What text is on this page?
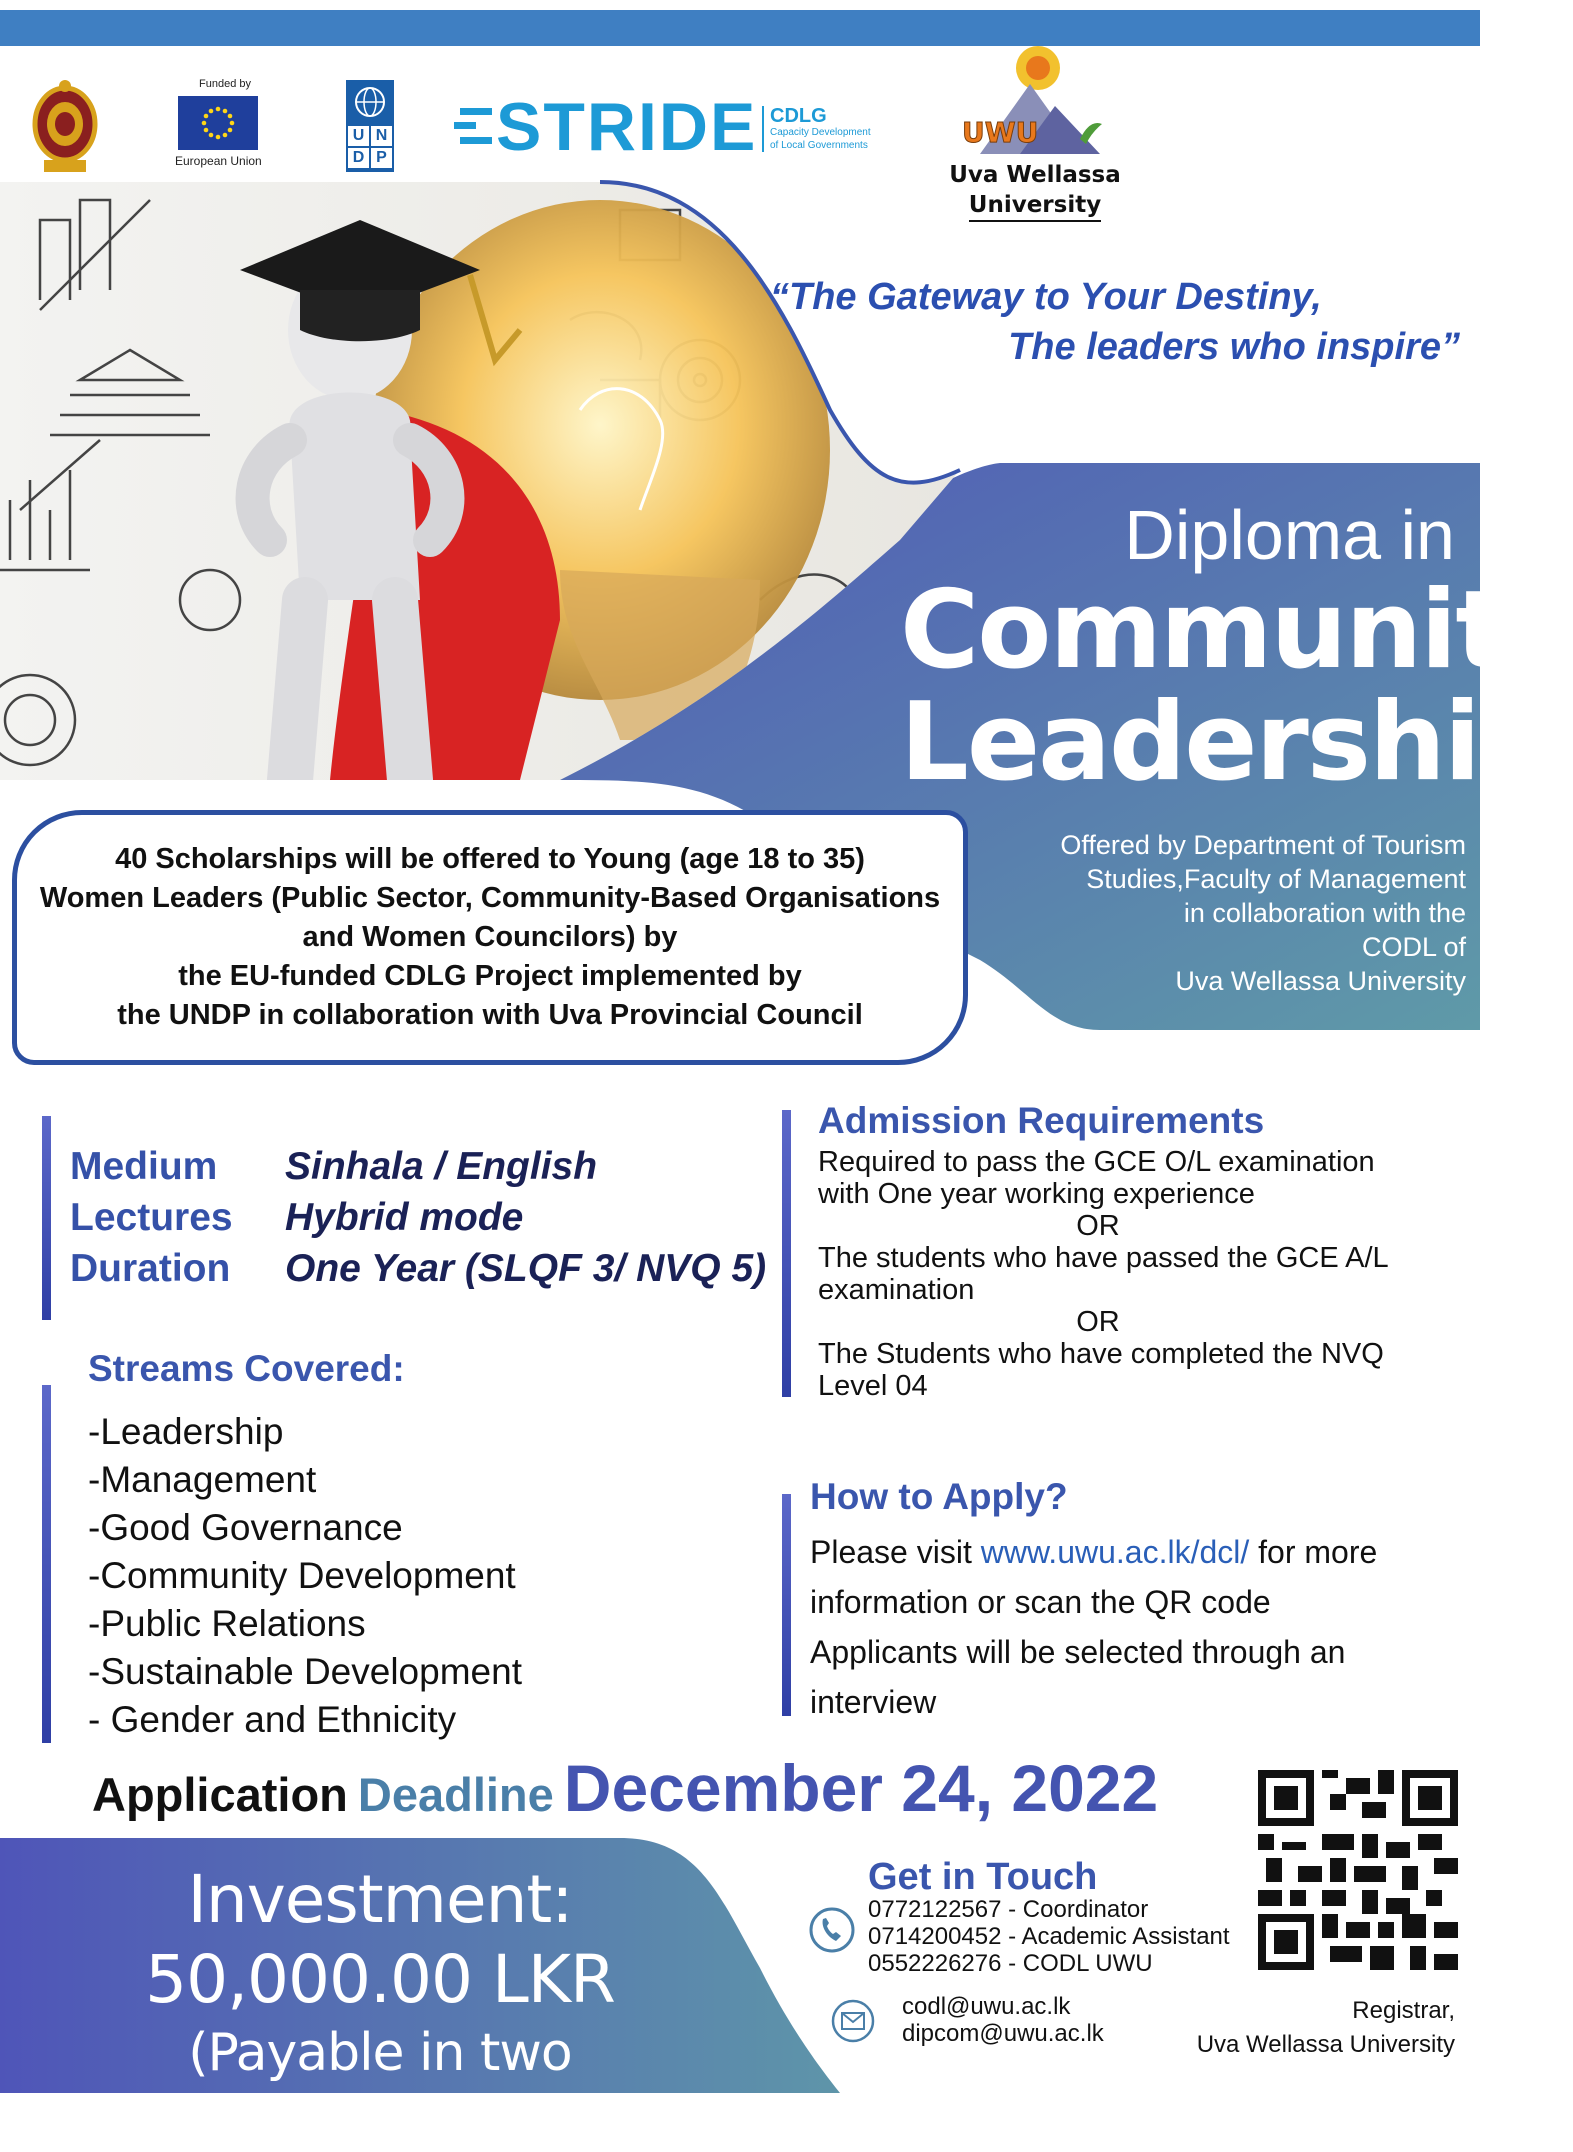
Funded by
European Union
U N
D P STRIDE CDLG
Capacity Development
of Local Governments	UWU
Uva Wellassa
University
“The Gateway to Your Destiny,
The leaders who inspire”
Diploma in
Community
Leadership
Offered by Department of Tourism
Studies,Faculty of Management
in collaboration with the
CODL of
Uva Wellassa University

40 Scholarships will be offered to Young (age 18 to 35)
Women Leaders (Public Sector, Community-Based Organisations
and Women Councilors) by
the EU-funded CDLG Project implemented by
the UNDP in collaboration with Uva Provincial Council

Medium	Sinhala / English
Lectures	Hybrid mode
Duration	One Year (SLQF 3/ NVQ 5)
Streams Covered:
-Leadership
-Management
-Good Governance
-Community Development
-Public Relations
-Sustainable Development
- Gender and Ethnicity
Admission Requirements
Required to pass the GCE O/L examination
with One year working experience
OR
The students who have passed the GCE A/L
examination
OR
The Students who have completed the NVQ
Level 04
How to Apply?
Please visit www.uwu.ac.lk/dcl/ for more
information or scan the QR code
Applicants will be selected through an
interview
Application Deadline December 24, 2022
Investment:
50,000.00 LKR
(Payable in two installments)
Get in Touch
0772122567 - Coordinator
0714200452 - Academic Assistant
0552226276 - CODL UWU
codl@uwu.ac.lk
dipcom@uwu.ac.lk
Registrar,
Uva Wellassa University
